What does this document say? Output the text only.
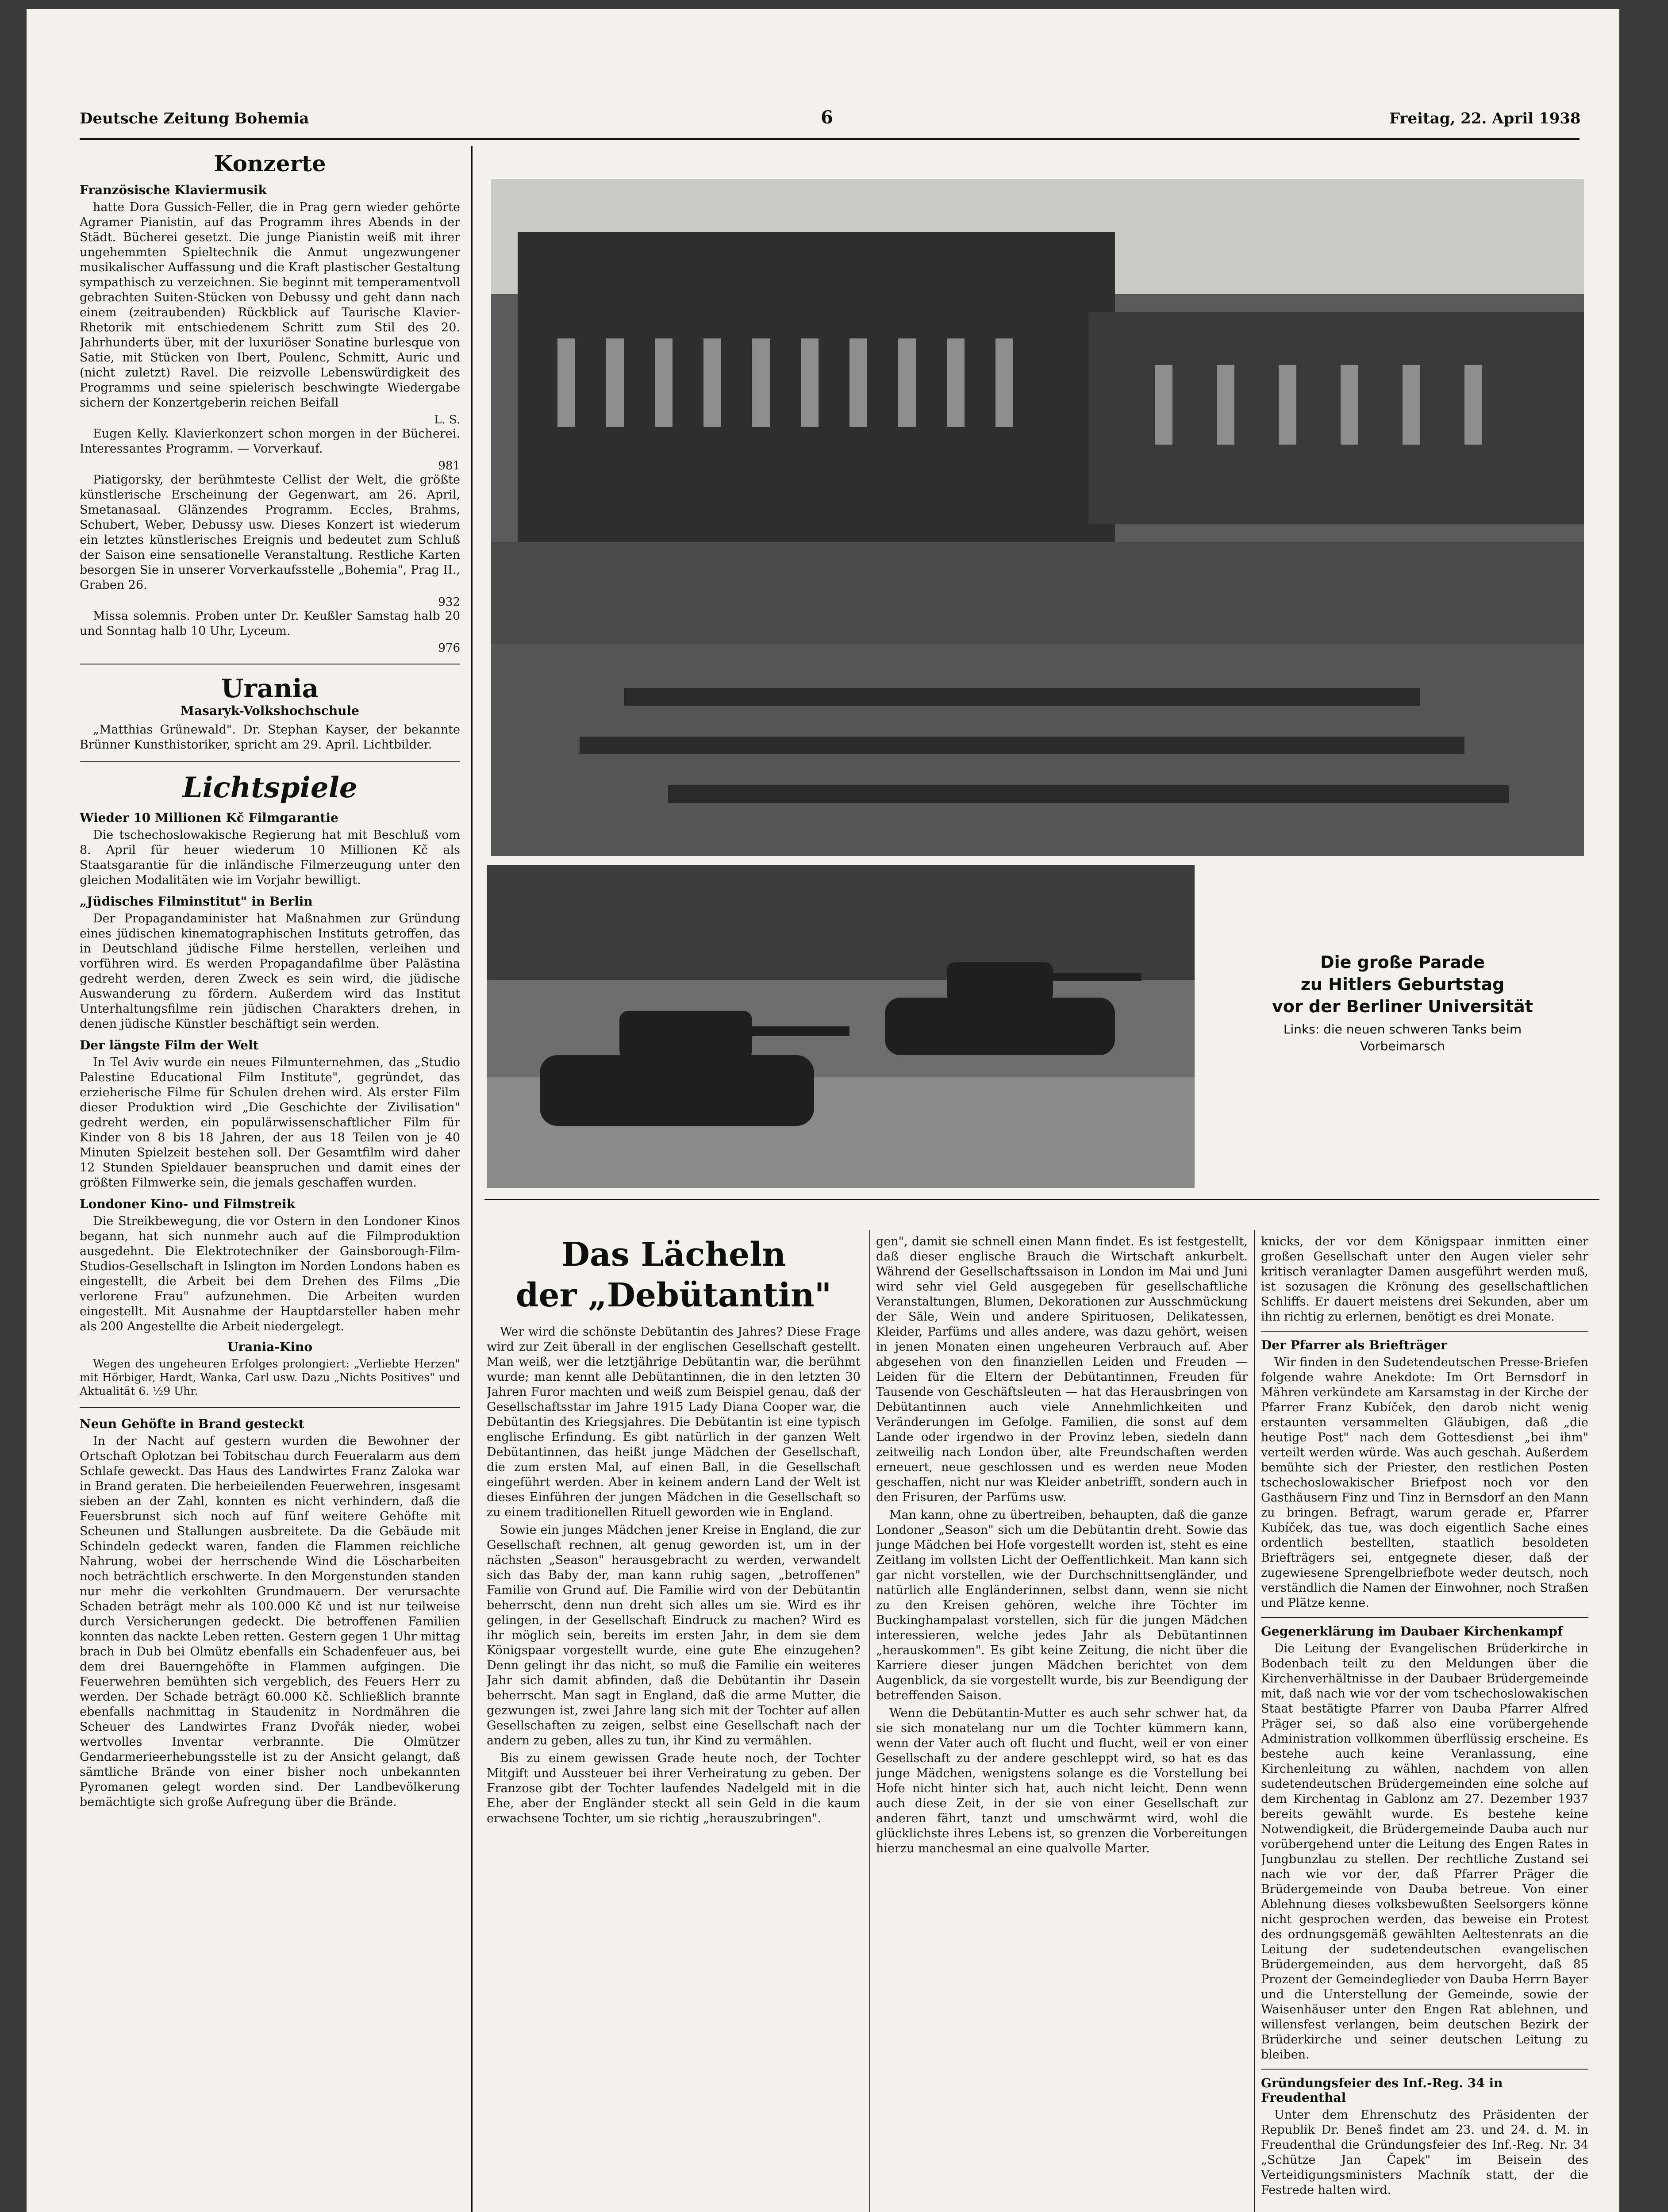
Deutsche Zeitung Bohemia	6	Freitag, 22. April 1938
Konzerte
Französische Klaviermusik

hatte Dora Gussich-Feller, die in Prag gern wieder gehörte Agramer Pianistin, auf das Programm ihres Abends in der Städt. Bücherei gesetzt. Die junge Pianistin weiß mit ihrer ungehemmten Spieltechnik die Anmut ungezwungener musikalischer Auffassung und die Kraft plastischer Gestaltung sympathisch zu verzeichnen. Sie beginnt mit temperamentvoll gebrachten Suiten-Stücken von Debussy und geht dann nach einem (zeitraubenden) Rückblick auf Taurische Klavier-Rhetorik mit entschiedenem Schritt zum Stil des 20. Jahrhunderts über, mit der luxuriöser Sonatine burlesque von Satie, mit Stücken von Ibert, Poulenc, Schmitt, Auric und (nicht zuletzt) Ravel. Die reizvolle Lebenswürdigkeit des Programms und seine spielerisch beschwingte Wiedergabe sichern der Konzertgeberin reichen Beifall

L. S.

Eugen Kelly. Klavierkonzert schon morgen in der Bücherei. Interessantes Programm. — Vorverkauf.

981

Piatigorsky, der berühmteste Cellist der Welt, die größte künstlerische Erscheinung der Gegenwart, am 26. April, Smetanasaal. Glänzendes Programm. Eccles, Brahms, Schubert, Weber, Debussy usw. Dieses Konzert ist wiederum ein letztes künstlerisches Ereignis und bedeutet zum Schluß der Saison eine sensationelle Veranstaltung. Restliche Karten besorgen Sie in unserer Vorverkaufsstelle „Bohemia", Prag II., Graben 26.

932

Missa solemnis. Proben unter Dr. Keußler Samstag halb 20 und Sonntag halb 10 Uhr, Lyceum.

976
Urania
Masaryk-Volkshochschule

„Matthias Grünewald". Dr. Stephan Kayser, der bekannte Brünner Kunsthistoriker, spricht am 29. April. Lichtbilder.

Lichtspiele
Wieder 10 Millionen Kč Filmgarantie

Die tschechoslowakische Regierung hat mit Beschluß vom 8. April für heuer wiederum 10 Millionen Kč als Staatsgarantie für die inländische Filmerzeugung unter den gleichen Modalitäten wie im Vorjahr bewilligt.

„Jüdisches Filminstitut" in Berlin

Der Propagandaminister hat Maßnahmen zur Gründung eines jüdischen kinematographischen Instituts getroffen, das in Deutschland jüdische Filme herstellen, verleihen und vorführen wird. Es werden Propagandafilme über Palästina gedreht werden, deren Zweck es sein wird, die jüdische Auswanderung zu fördern. Außerdem wird das Institut Unterhaltungsfilme rein jüdischen Charakters drehen, in denen jüdische Künstler beschäftigt sein werden.

Der längste Film der Welt

In Tel Aviv wurde ein neues Filmunternehmen, das „Studio Palestine Educational Film Institute", gegründet, das erzieherische Filme für Schulen drehen wird. Als erster Film dieser Produktion wird „Die Geschichte der Zivilisation" gedreht werden, ein populärwissenschaftlicher Film für Kinder von 8 bis 18 Jahren, der aus 18 Teilen von je 40 Minuten Spielzeit bestehen soll. Der Gesamtfilm wird daher 12 Stunden Spieldauer beanspruchen und damit eines der größten Filmwerke sein, die jemals geschaffen wurden.

Londoner Kino- und Filmstreik

Die Streikbewegung, die vor Ostern in den Londoner Kinos begann, hat sich nunmehr auch auf die Filmproduktion ausgedehnt. Die Elektrotechniker der Gainsborough-Film-Studios-Gesellschaft in Islington im Norden Londons haben es eingestellt, die Arbeit bei dem Drehen des Films „Die verlorene Frau" aufzunehmen. Die Arbeiten wurden eingestellt. Mit Ausnahme der Hauptdarsteller haben mehr als 200 Angestellte die Arbeit niedergelegt.

Urania-Kino

Wegen des ungeheuren Erfolges prolongiert: „Verliebte Herzen" mit Hörbiger, Hardt, Wanka, Carl usw. Dazu „Nichts Positives" und Aktualität 6. ½9 Uhr.

Neun Gehöfte in Brand gesteckt

In der Nacht auf gestern wurden die Bewohner der Ortschaft Oplotzan bei Tobitschau durch Feueralarm aus dem Schlafe geweckt. Das Haus des Landwirtes Franz Zaloka war in Brand geraten. Die herbeieilenden Feuerwehren, insgesamt sieben an der Zahl, konnten es nicht verhindern, daß die Feuersbrunst sich noch auf fünf weitere Gehöfte mit Scheunen und Stallungen ausbreitete. Da die Gebäude mit Schindeln gedeckt waren, fanden die Flammen reichliche Nahrung, wobei der herrschende Wind die Löscharbeiten noch beträchtlich erschwerte. In den Morgenstunden standen nur mehr die verkohlten Grundmauern. Der verursachte Schaden beträgt mehr als 100.000 Kč und ist nur teilweise durch Versicherungen gedeckt. Die betroffenen Familien konnten das nackte Leben retten. Gestern gegen 1 Uhr mittag brach in Dub bei Olmütz ebenfalls ein Schadenfeuer aus, bei dem drei Bauerngehöfte in Flammen aufgingen. Die Feuerwehren bemühten sich vergeblich, des Feuers Herr zu werden. Der Schade beträgt 60.000 Kč. Schließlich brannte ebenfalls nachmittag in Staudenitz in Nordmähren die Scheuer des Landwirtes Franz Dvořák nieder, wobei wertvolles Inventar verbrannte. Die Olmützer Gendarmerieerhebungsstelle ist zu der Ansicht gelangt, daß sämtliche Brände von einer bisher noch unbekannten Pyromanen gelegt worden sind. Der Landbevölkerung bemächtigte sich große Aufregung über die Brände.

Die große Parade
zu Hitlers Geburtstag
vor der Berliner Universität
Links: die neuen schweren Tanks beim
Vorbeimarsch
Das Lächeln
der „Debütantin"

Wer wird die schönste Debütantin des Jahres? Diese Frage wird zur Zeit überall in der englischen Gesellschaft gestellt. Man weiß, wer die letztjährige Debütantin war, die berühmt wurde; man kennt alle Debütantinnen, die in den letzten 30 Jahren Furor machten und weiß zum Beispiel genau, daß der Gesellschaftsstar im Jahre 1915 Lady Diana Cooper war, die Debütantin des Kriegsjahres. Die Debütantin ist eine typisch englische Erfindung. Es gibt natürlich in der ganzen Welt Debütantinnen, das heißt junge Mädchen der Gesellschaft, die zum ersten Mal, auf einen Ball, in die Gesellschaft eingeführt werden. Aber in keinem andern Land der Welt ist dieses Einführen der jungen Mädchen in die Gesellschaft so zu einem traditionellen Rituell geworden wie in England.

Sowie ein junges Mädchen jener Kreise in England, die zur Gesellschaft rechnen, alt genug geworden ist, um in der nächsten „Season" herausgebracht zu werden, verwandelt sich das Baby der, man kann ruhig sagen, „betroffenen" Familie von Grund auf. Die Familie wird von der Debütantin beherrscht, denn nun dreht sich alles um sie. Wird es ihr gelingen, in der Gesellschaft Eindruck zu machen? Wird es ihr möglich sein, bereits im ersten Jahr, in dem sie dem Königspaar vorgestellt wurde, eine gute Ehe einzugehen? Denn gelingt ihr das nicht, so muß die Familie ein weiteres Jahr sich damit abfinden, daß die Debütantin ihr Dasein beherrscht. Man sagt in England, daß die arme Mutter, die gezwungen ist, zwei Jahre lang sich mit der Tochter auf allen Gesellschaften zu zeigen, selbst eine Gesellschaft nach der andern zu geben, alles zu tun, ihr Kind zu vermählen.

Bis zu einem gewissen Grade heute noch, der Tochter Mitgift und Aussteuer bei ihrer Verheiratung zu geben. Der Franzose gibt der Tochter laufendes Nadelgeld mit in die Ehe, aber der Engländer steckt all sein Geld in die kaum erwachsene Tochter, um sie richtig „herauszubringen".

gen", damit sie schnell einen Mann findet. Es ist festgestellt, daß dieser englische Brauch die Wirtschaft ankurbelt. Während der Gesellschaftssaison in London im Mai und Juni wird sehr viel Geld ausgegeben für gesellschaftliche Veranstaltungen, Blumen, Dekorationen zur Ausschmückung der Säle, Wein und andere Spirituosen, Delikatessen, Kleider, Parfüms und alles andere, was dazu gehört, weisen in jenen Monaten einen ungeheuren Verbrauch auf. Aber abgesehen von den finanziellen Leiden und Freuden — Leiden für die Eltern der Debütantinnen, Freuden für Tausende von Geschäftsleuten — hat das Herausbringen von Debütantinnen auch viele Annehmlichkeiten und Veränderungen im Gefolge. Familien, die sonst auf dem Lande oder irgendwo in der Provinz leben, siedeln dann zeitweilig nach London über, alte Freundschaften werden erneuert, neue geschlossen und es werden neue Moden geschaffen, nicht nur was Kleider anbetrifft, sondern auch in den Frisuren, der Parfüms usw.

Man kann, ohne zu übertreiben, behaupten, daß die ganze Londoner „Season" sich um die Debütantin dreht. Sowie das junge Mädchen bei Hofe vorgestellt worden ist, steht es eine Zeitlang im vollsten Licht der Oeffentlichkeit. Man kann sich gar nicht vorstellen, wie der Durchschnittsengländer, und natürlich alle Engländerinnen, selbst dann, wenn sie nicht zu den Kreisen gehören, welche ihre Töchter im Buckinghampalast vorstellen, sich für die jungen Mädchen interessieren, welche jedes Jahr als Debütantinnen „herauskommen". Es gibt keine Zeitung, die nicht über die Karriere dieser jungen Mädchen berichtet von dem Augenblick, da sie vorgestellt wurde, bis zur Beendigung der betreffenden Saison.

Wenn die Debütantin-Mutter es auch sehr schwer hat, da sie sich monatelang nur um die Tochter kümmern kann, wenn der Vater auch oft flucht und flucht, weil er von einer Gesellschaft zu der andere geschleppt wird, so hat es das junge Mädchen, wenigstens solange es die Vorstellung bei Hofe nicht hinter sich hat, auch nicht leicht. Denn wenn auch diese Zeit, in der sie von einer Gesellschaft zur anderen fährt, tanzt und umschwärmt wird, wohl die glücklichste ihres Lebens ist, so grenzen die Vorbereitungen hierzu manchesmal an eine qualvolle Marter.

knicks, der vor dem Königspaar inmitten einer großen Gesellschaft unter den Augen vieler sehr kritisch veranlagter Damen ausgeführt werden muß, ist sozusagen die Krönung des gesellschaftlichen Schliffs. Er dauert meistens drei Sekunden, aber um ihn richtig zu erlernen, benötigt es drei Monate.

Der Pfarrer als Briefträger

Wir finden in den Sudetendeutschen Presse-Briefen folgende wahre Anekdote: Im Ort Bernsdorf in Mähren verkündete am Karsamstag in der Kirche der Pfarrer Franz Kubíček, den darob nicht wenig erstaunten versammelten Gläubigen, daß „die heutige Post" nach dem Gottesdienst „bei ihm" verteilt werden würde. Was auch geschah. Außerdem bemühte sich der Priester, den restlichen Posten tschechoslowakischer Briefpost noch vor den Gasthäusern Finz und Tinz in Bernsdorf an den Mann zu bringen. Befragt, warum gerade er, Pfarrer Kubíček, das tue, was doch eigentlich Sache eines ordentlich bestellten, staatlich besoldeten Briefträgers sei, entgegnete dieser, daß der zugewiesene Sprengelbriefbote weder deutsch, noch verständlich die Namen der Einwohner, noch Straßen und Plätze kenne.

Gegenerklärung im Daubaer Kirchenkampf

Die Leitung der Evangelischen Brüderkirche in Bodenbach teilt zu den Meldungen über die Kirchenverhältnisse in der Daubaer Brüdergemeinde mit, daß nach wie vor der vom tschechoslowakischen Staat bestätigte Pfarrer von Dauba Pfarrer Alfred Präger sei, so daß also eine vorübergehende Administration vollkommen überflüssig erscheine. Es bestehe auch keine Veranlassung, eine Kirchenleitung zu wählen, nachdem von allen sudetendeutschen Brüdergemeinden eine solche auf dem Kirchentag in Gablonz am 27. Dezember 1937 bereits gewählt wurde. Es bestehe keine Notwendigkeit, die Brüdergemeinde Dauba auch nur vorübergehend unter die Leitung des Engen Rates in Jungbunzlau zu stellen. Der rechtliche Zustand sei nach wie vor der, daß Pfarrer Präger die Brüdergemeinde von Dauba betreue. Von einer Ablehnung dieses volksbewußten Seelsorgers könne nicht gesprochen werden, das beweise ein Protest des ordnungsgemäß gewählten Aeltestenrats an die Leitung der sudetendeutschen evangelischen Brüdergemeinden, aus dem hervorgeht, daß 85 Prozent der Gemeindeglieder von Dauba Herrn Bayer und die Unterstellung der Gemeinde, sowie der Waisenhäuser unter den Engen Rat ablehnen, und willensfest verlangen, beim deutschen Bezirk der Brüderkirche und seiner deutschen Leitung zu bleiben.

Gründungsfeier des Inf.-Reg. 34 in Freudenthal

Unter dem Ehrenschutz des Präsidenten der Republik Dr. Beneš findet am 23. und 24. d. M. in Freudenthal die Gründungsfeier des Inf.-Reg. Nr. 34 „Schütze Jan Čapek" im Beisein des Verteidigungsministers Machník statt, der die Festrede halten wird.
